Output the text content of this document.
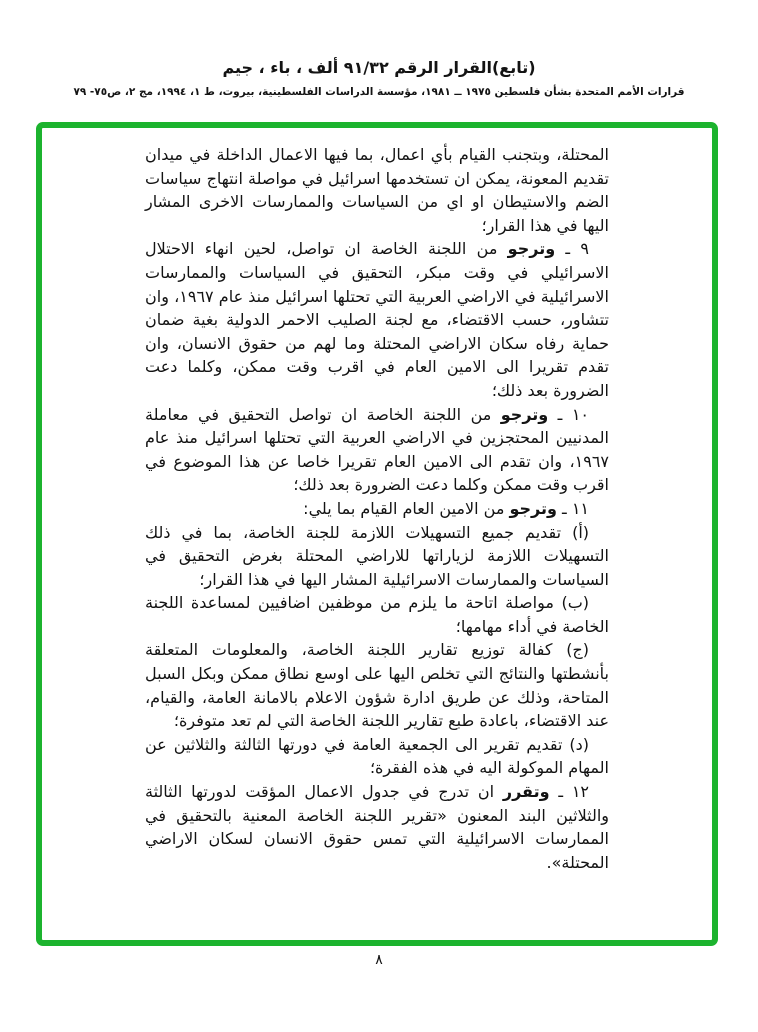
(تابع)القرار الرقم ٩١/٣٢ ألف ، باء ، جيم
قرارات الأمم المتحدة بشأن فلسطين ١٩٧٥ ــ ١٩٨١، مؤسسة الدراسات الفلسطينية، بيروت، ط ١، ١٩٩٤، مج ٢، ص٧٥- ٧٩

المحتلة، وبتجنب القيام بأي اعمال، بما فيها الاعمال الداخلة في ميدان تقديم المعونة، يمكن ان تستخدمها اسرائيل في مواصلة انتهاج سياسات الضم والاستيطان او اي من السياسات والممارسات الاخرى المشار اليها في هذا القرار؛

٩ ـ وترجو من اللجنة الخاصة ان تواصل، لحين انهاء الاحتلال الاسرائيلي في وقت مبكر، التحقيق في السياسات والممارسات الاسرائيلية في الاراضي العربية التي تحتلها اسرائيل منذ عام ١٩٦٧، وان تتشاور، حسب الاقتضاء، مع لجنة الصليب الاحمر الدولية بغية ضمان حماية رفاه سكان الاراضي المحتلة وما لهم من حقوق الانسان، وان تقدم تقريرا الى الامين العام في اقرب وقت ممكن، وكلما دعت الضرورة بعد ذلك؛

١٠ ـ وترجو من اللجنة الخاصة ان تواصل التحقيق في معاملة المدنيين المحتجزين في الاراضي العربية التي تحتلها اسرائيل منذ عام ١٩٦٧، وان تقدم الى الامين العام تقريرا خاصا عن هذا الموضوع في اقرب وقت ممكن وكلما دعت الضرورة بعد ذلك؛

١١ ـ وترجو من الامين العام القيام بما يلي:

(أ) تقديم جميع التسهيلات اللازمة للجنة الخاصة، بما في ذلك التسهيلات اللازمة لزياراتها للاراضي المحتلة بغرض التحقيق في السياسات والممارسات الاسرائيلية المشار اليها في هذا القرار؛

(ب) مواصلة اتاحة ما يلزم من موظفين اضافيين لمساعدة اللجنة الخاصة في أداء مهامها؛

(ج) كفالة توزيع تقارير اللجنة الخاصة، والمعلومات المتعلقة بأنشطتها والنتائج التي تخلص اليها على اوسع نطاق ممكن وبكل السبل المتاحة، وذلك عن طريق ادارة شؤون الاعلام بالامانة العامة، والقيام، عند الاقتضاء، باعادة طبع تقارير اللجنة الخاصة التي لم تعد متوفرة؛

(د) تقديم تقرير الى الجمعية العامة في دورتها الثالثة والثلاثين عن المهام الموكولة اليه في هذه الفقرة؛

١٢ ـ وتقرر ان تدرج في جدول الاعمال المؤقت لدورتها الثالثة والثلاثين البند المعنون «تقرير اللجنة الخاصة المعنية بالتحقيق في الممارسات الاسرائيلية التي تمس حقوق الانسان لسكان الاراضي المحتلة».

٨
